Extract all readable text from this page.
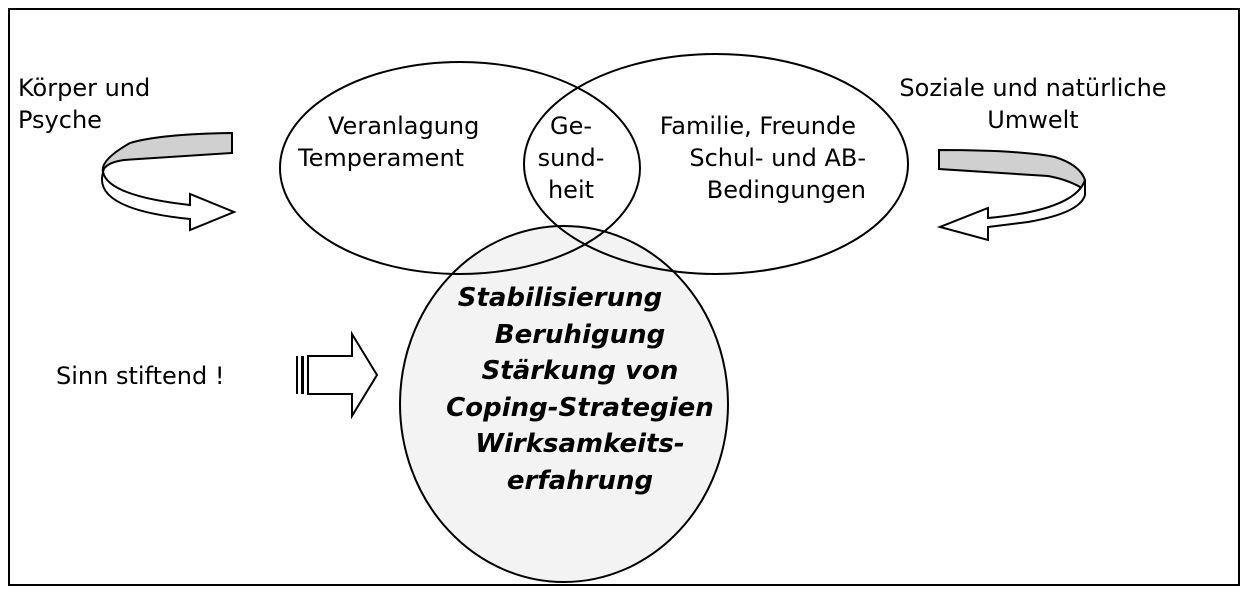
Körper und
Psyche
Soziale und natürliche
Umwelt
Veranlagung
Temperament
Ge-
sund-
heit
Familie, Freunde
Schul- und AB-
Bedingungen
Sinn stiftend !
Stabilisierung
Beruhigung
Stärkung von
Coping-Strategien
Wirksamkeits-
erfahrung
